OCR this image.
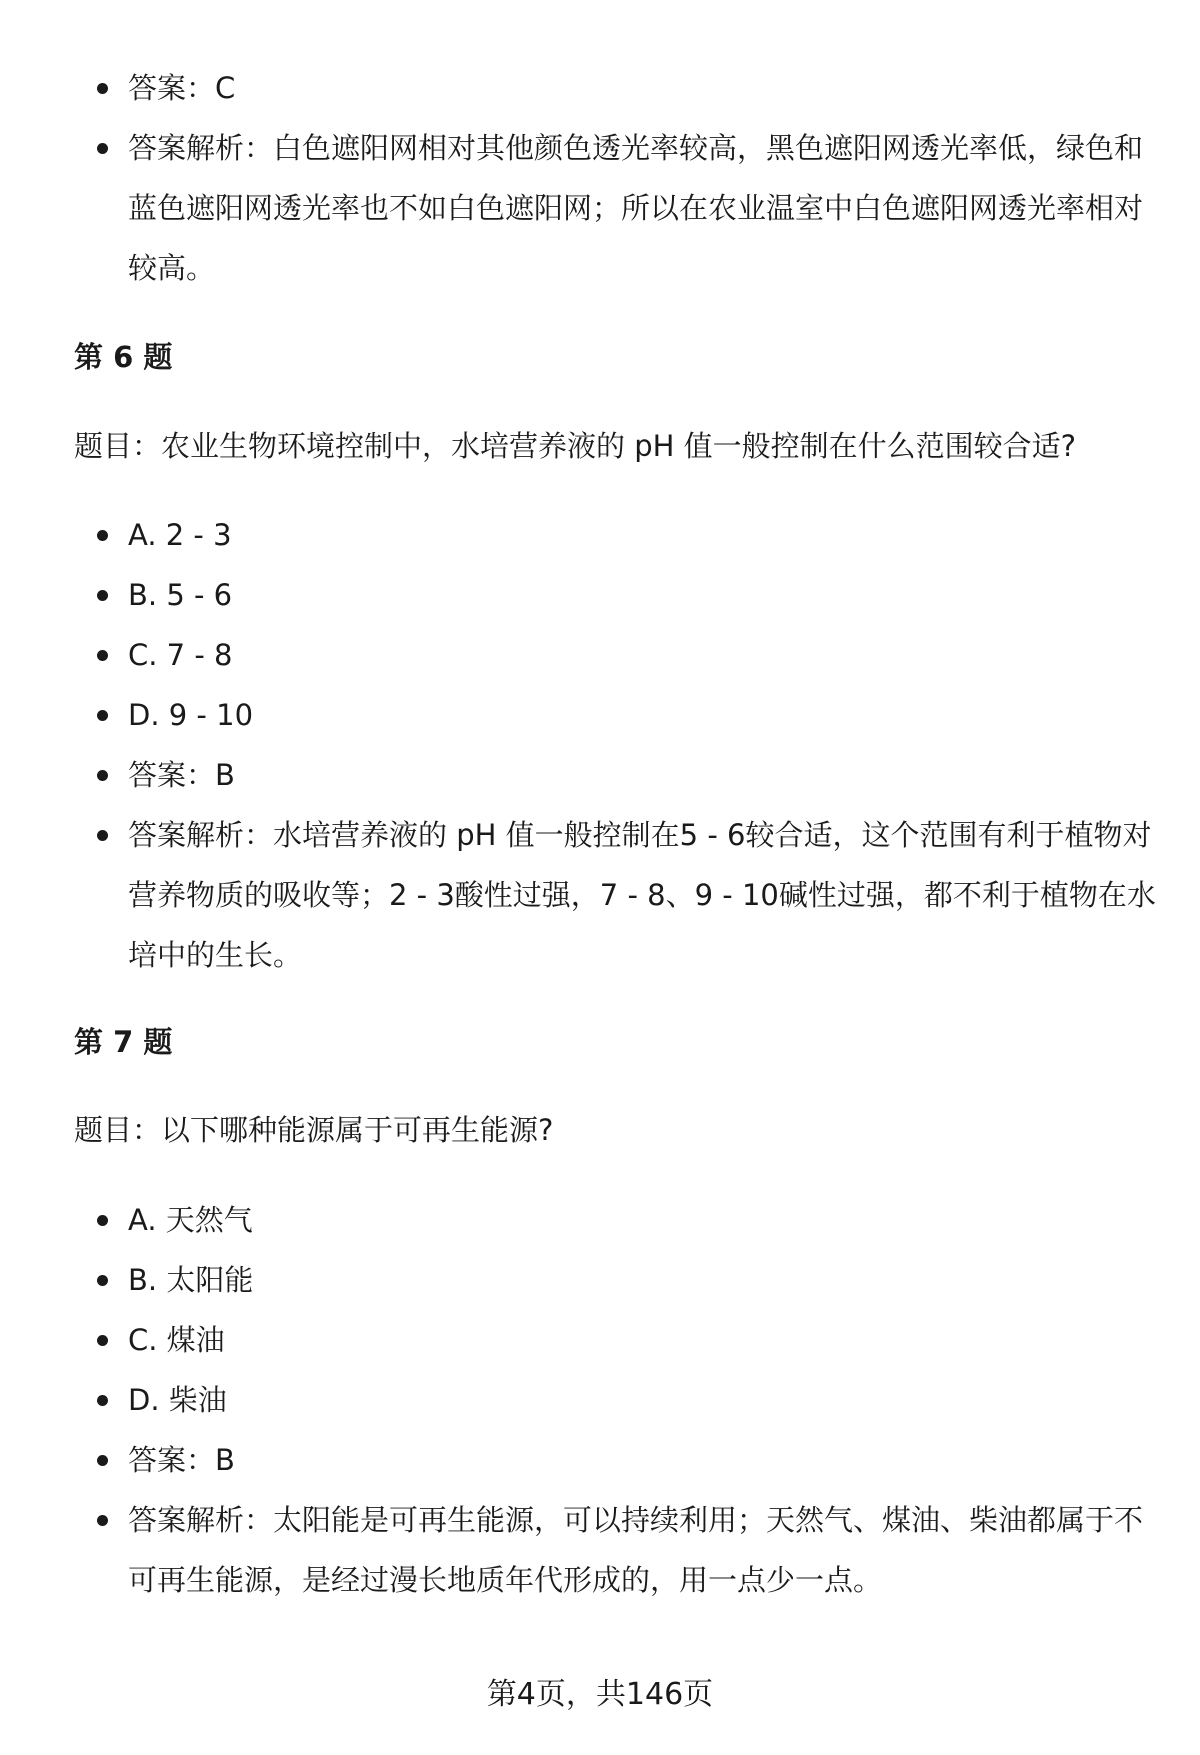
答案：C
答案解析：白色遮阳网相对其他颜色透光率较高，黑色遮阳网透光率低，绿色和蓝色遮阳网透光率也不如白色遮阳网；所以在农业温室中白色遮阳网透光率相对较高。
第 6 题
题目：农业生物环境控制中，水培营养液的 pH 值一般控制在什么范围较合适?
A. 2 - 3
B. 5 - 6
C. 7 - 8
D. 9 - 10
答案：B
答案解析：水培营养液的 pH 值一般控制在5 - 6较合适，这个范围有利于植物对营养物质的吸收等；2 - 3酸性过强，7 - 8、9 - 10碱性过强，都不利于植物在水培中的生长。
第 7 题
题目：以下哪种能源属于可再生能源?
A. 天然气
B. 太阳能
C. 煤油
D. 柴油
答案：B
答案解析：太阳能是可再生能源，可以持续利用；天然气、煤油、柴油都属于不可再生能源，是经过漫长地质年代形成的，用一点少一点。
第4页，共146页
